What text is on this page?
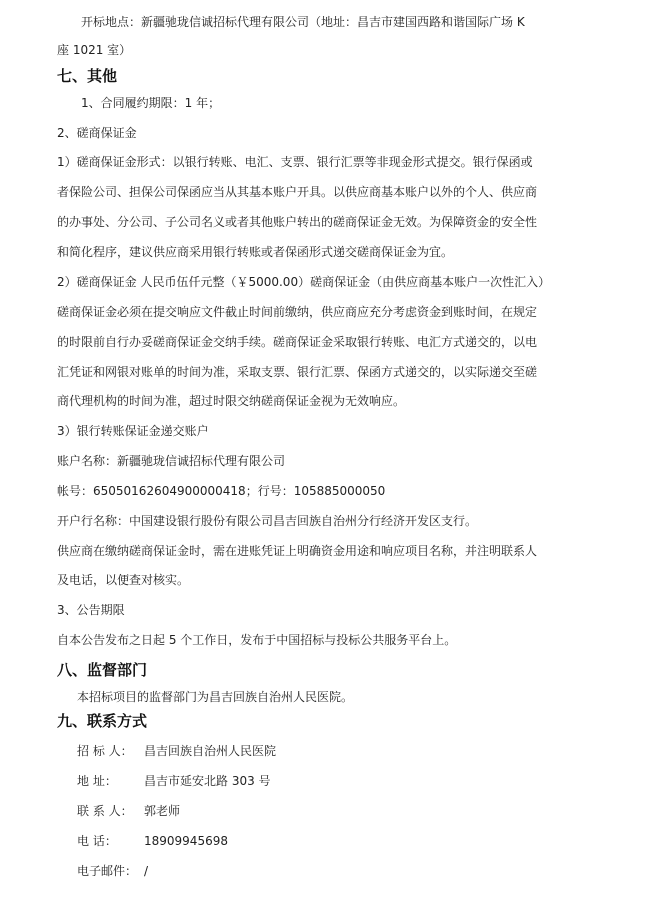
开标地点：新疆驰珑信诚招标代理有限公司（地址：昌吉市建国西路和谐国际广场 K
座 1021 室）
七、其他
1、合同履约期限：1 年；
2、磋商保证金
1）磋商保证金形式：以银行转账、电汇、支票、银行汇票等非现金形式提交。银行保函或
者保险公司、担保公司保函应当从其基本账户开具。以供应商基本账户以外的个人、供应商
的办事处、分公司、子公司名义或者其他账户转出的磋商保证金无效。为保障资金的安全性
和简化程序，建议供应商采用银行转账或者保函形式递交磋商保证金为宜。
2）磋商保证金 人民币伍仟元整（￥5000.00）磋商保证金（由供应商基本账户一次性汇入）
磋商保证金必须在提交响应文件截止时间前缴纳，供应商应充分考虑资金到账时间，在规定
的时限前自行办妥磋商保证金交纳手续。磋商保证金采取银行转账、电汇方式递交的，以电
汇凭证和网银对账单的时间为准，采取支票、银行汇票、保函方式递交的，以实际递交至磋
商代理机构的时间为准，超过时限交纳磋商保证金视为无效响应。
3）银行转账保证金递交账户
账户名称：新疆驰珑信诚招标代理有限公司
帐号：65050162604900000418；行号：105885000050
开户行名称：中国建设银行股份有限公司昌吉回族自治州分行经济开发区支行。
供应商在缴纳磋商保证金时，需在进账凭证上明确资金用途和响应项目名称，并注明联系人
及电话，以便查对核实。
3、公告期限
自本公告发布之日起 5 个工作日，发布于中国招标与投标公共服务平台上。
八、监督部门
本招标项目的监督部门为昌吉回族自治州人民医院。
九、联系方式
招 标 人： 昌吉回族自治州人民医院
地 址： 昌吉市延安北路 303 号
联 系 人： 郭老师
电 话： 18909945698
电子邮件： /
